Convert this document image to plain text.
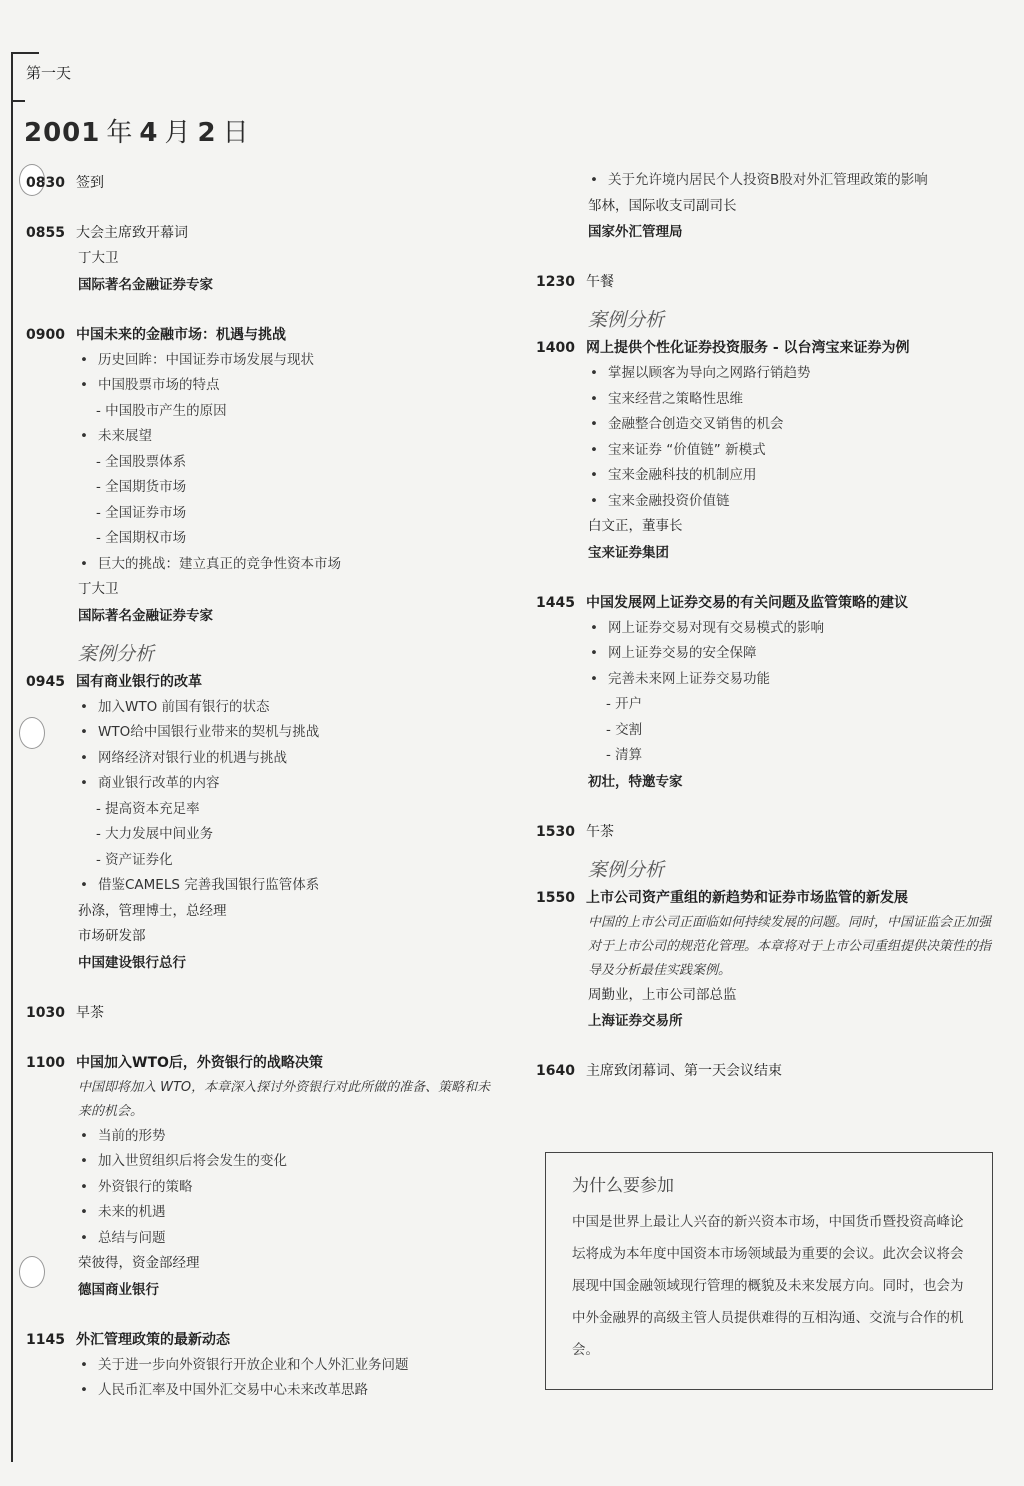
第一天
2001 年 4 月 2 日
0830 签到
0855 大会主席致开幕词
丁大卫
国际著名金融证券专家
0900 中国未来的金融市场：机遇与挑战
• 历史回眸：中国证券市场发展与现状
• 中国股票市场的特点
- 中国股市产生的原因
• 未来展望
- 全国股票体系
- 全国期货市场
- 全国证券市场
- 全国期权市场
• 巨大的挑战：建立真正的竞争性资本市场
丁大卫
国际著名金融证券专家
案例分析
0945 国有商业银行的改革
• 加入WTO 前国有银行的状态
• WTO给中国银行业带来的契机与挑战
• 网络经济对银行业的机遇与挑战
• 商业银行改革的内容
- 提高资本充足率
- 大力发展中间业务
- 资产证券化
• 借鉴CAMELS 完善我国银行监管体系
孙涤，管理博士，总经理
市场研发部
中国建设银行总行
1030 早茶
1100 中国加入WTO后，外资银行的战略决策
中国即将加入 WTO，本章深入探讨外资银行对此所做的准备、策略和未来的机会。
• 当前的形势
• 加入世贸组织后将会发生的变化
• 外资银行的策略
• 未来的机遇
• 总结与问题
荣彼得，资金部经理
德国商业银行
1145 外汇管理政策的最新动态
• 关于进一步向外资银行开放企业和个人外汇业务问题
• 人民币汇率及中国外汇交易中心未来改革思路
• 关于允许境内居民个人投资B股对外汇管理政策的影响
邹林，国际收支司副司长
国家外汇管理局
1230 午餐
案例分析
1400 网上提供个性化证券投资服务 - 以台湾宝来证券为例
• 掌握以顾客为导向之网路行销趋势
• 宝来经营之策略性思维
• 金融整合创造交叉销售的机会
• 宝来证券 “价值链” 新模式
• 宝来金融科技的机制应用
• 宝来金融投资价值链
白文正，董事长
宝来证券集团
1445 中国发展网上证券交易的有关问题及监管策略的建议
• 网上证券交易对现有交易模式的影响
• 网上证券交易的安全保障
• 完善未来网上证券交易功能
- 开户
- 交割
- 清算
初壮，特邀专家
1530 午茶
案例分析
1550 上市公司资产重组的新趋势和证券市场监管的新发展
中国的上市公司正面临如何持续发展的问题。同时，中国证监会正加强对于上市公司的规范化管理。本章将对于上市公司重组提供决策性的指导及分析最佳实践案例。
周勤业，上市公司部总监
上海证券交易所
1640 主席致闭幕词、第一天会议结束
为什么要参加
中国是世界上最让人兴奋的新兴资本市场，中国货币暨投资高峰论坛将成为本年度中国资本市场领域最为重要的会议。此次会议将会展现中国金融领域现行管理的概貌及未来发展方向。同时，也会为中外金融界的高级主管人员提供难得的互相沟通、交流与合作的机会。
